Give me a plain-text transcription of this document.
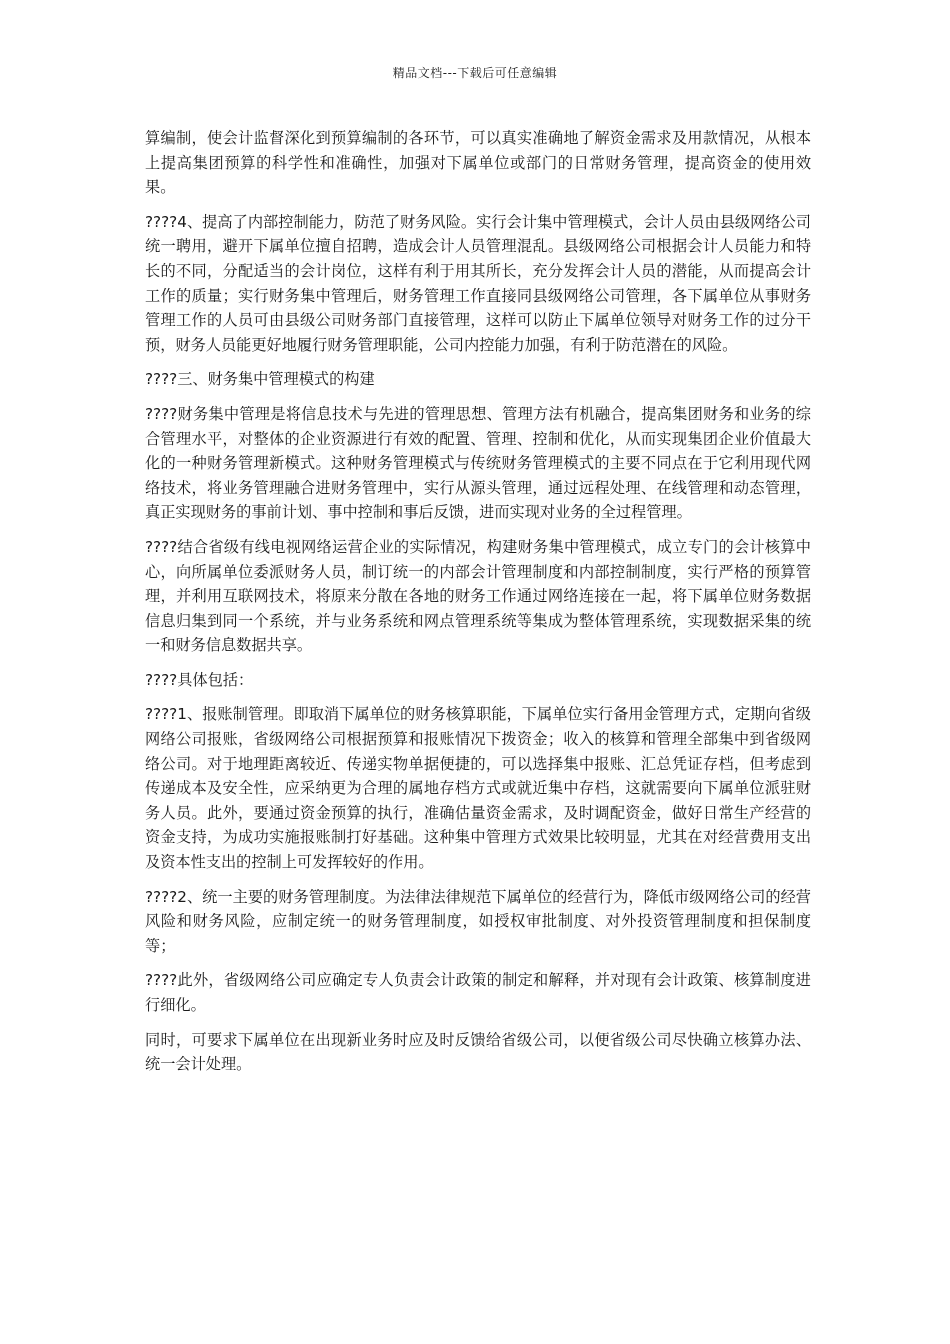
精品文档---下载后可任意编辑

算编制，使会计监督深化到预算编制的各环节，可以真实准确地了解资金需求及用款情况，从根本上提高集团预算的科学性和准确性，加强对下属单位或部门的日常财务管理，提高资金的使用效果。

????4、提高了内部控制能力，防范了财务风险。实行会计集中管理模式，会计人员由县级网络公司统一聘用，避开下属单位擅自招聘，造成会计人员管理混乱。县级网络公司根据会计人员能力和特长的不同，分配适当的会计岗位，这样有利于用其所长，充分发挥会计人员的潜能，从而提高会计工作的质量；实行财务集中管理后，财务管理工作直接同县级网络公司管理，各下属单位从事财务管理工作的人员可由县级公司财务部门直接管理，这样可以防止下属单位领导对财务工作的过分干预，财务人员能更好地履行财务管理职能，公司内控能力加强，有利于防范潜在的风险。

????三、财务集中管理模式的构建

????财务集中管理是将信息技术与先进的管理思想、管理方法有机融合，提高集团财务和业务的综合管理水平，对整体的企业资源进行有效的配置、管理、控制和优化，从而实现集团企业价值最大化的一种财务管理新模式。这种财务管理模式与传统财务管理模式的主要不同点在于它利用现代网络技术，将业务管理融合进财务管理中，实行从源头管理，通过远程处理、在线管理和动态管理，真正实现财务的事前计划、事中控制和事后反馈，进而实现对业务的全过程管理。

????结合省级有线电视网络运营企业的实际情况，构建财务集中管理模式，成立专门的会计核算中心，向所属单位委派财务人员，制订统一的内部会计管理制度和内部控制制度，实行严格的预算管理，并利用互联网技术，将原来分散在各地的财务工作通过网络连接在一起，将下属单位财务数据信息归集到同一个系统，并与业务系统和网点管理系统等集成为整体管理系统，实现数据采集的统一和财务信息数据共享。

????具体包括：

????1、报账制管理。即取消下属单位的财务核算职能，下属单位实行备用金管理方式，定期向省级网络公司报账，省级网络公司根据预算和报账情况下拨资金；收入的核算和管理全部集中到省级网络公司。对于地理距离较近、传递实物单据便捷的，可以选择集中报账、汇总凭证存档，但考虑到传递成本及安全性，应采纳更为合理的属地存档方式或就近集中存档，这就需要向下属单位派驻财务人员。此外，要通过资金预算的执行，准确估量资金需求，及时调配资金，做好日常生产经营的资金支持，为成功实施报账制打好基础。这种集中管理方式效果比较明显，尤其在对经营费用支出及资本性支出的控制上可发挥较好的作用。

????2、统一主要的财务管理制度。为法律法律规范下属单位的经营行为，降低市级网络公司的经营风险和财务风险，应制定统一的财务管理制度，如授权审批制度、对外投资管理制度和担保制度等；

????此外，省级网络公司应确定专人负责会计政策的制定和解释，并对现有会计政策、核算制度进行细化。

同时，可要求下属单位在出现新业务时应及时反馈给省级公司，以便省级公司尽快确立核算办法、统一会计处理。
